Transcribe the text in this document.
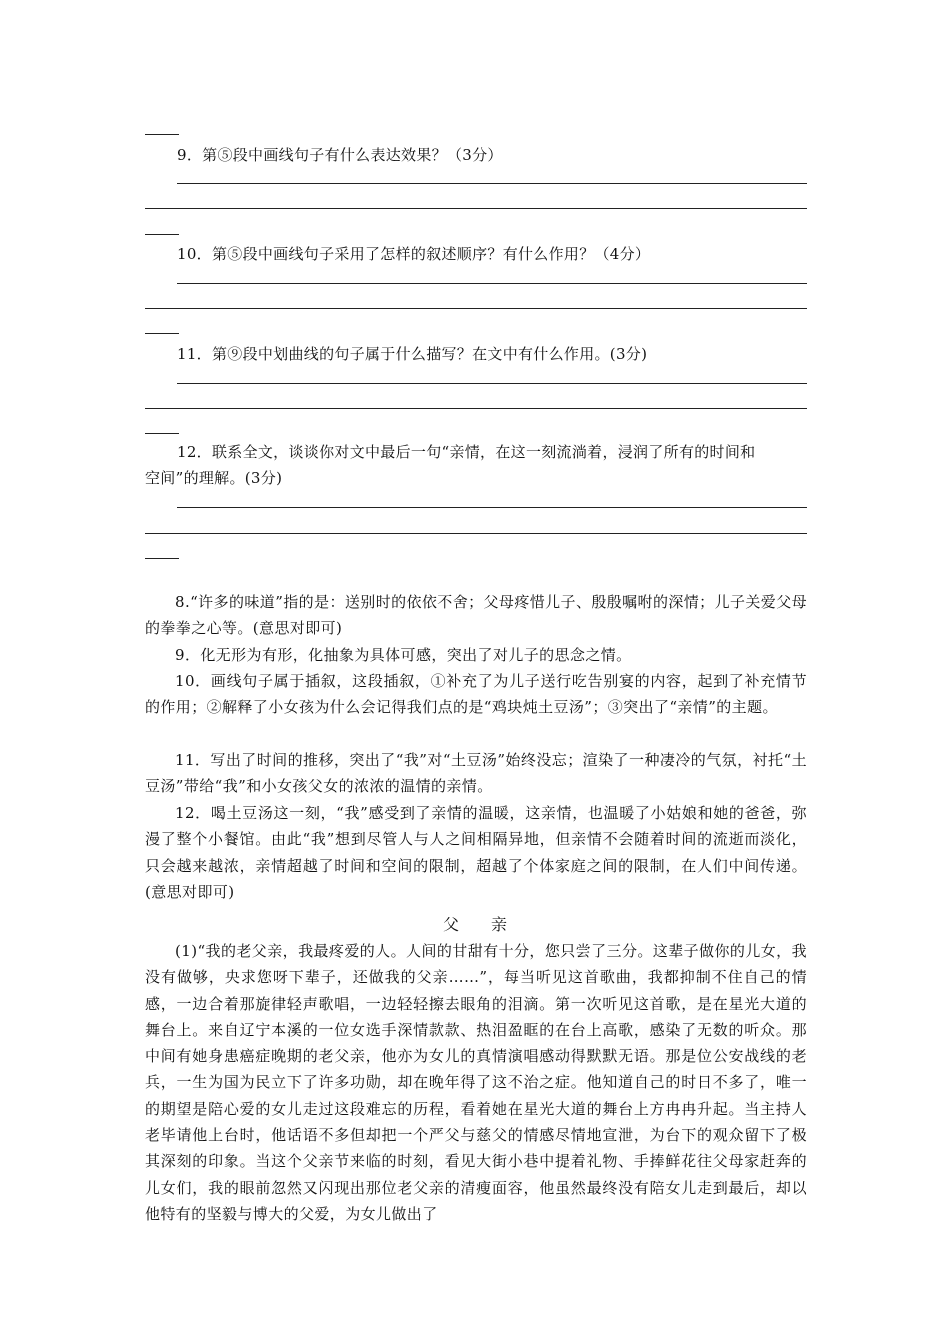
9．第⑤段中画线句子有什么表达效果？（3分）
10．第⑤段中画线句子采用了怎样的叙述顺序？有什么作用？（4分）
11．第⑨段中划曲线的句子属于什么描写？在文中有什么作用。(3分)
12．联系全文，谈谈你对文中最后一句“亲情，在这一刻流淌着，浸润了所有的时间和
空间”的理解。(3分)
8.“许多的味道”指的是：送别时的依依不舍；父母疼惜儿子、殷殷嘱咐的深情；儿子关爱父母的拳拳之心等。(意思对即可)
9．化无形为有形，化抽象为具体可感，突出了对儿子的思念之情。
10．画线句子属于插叙，这段插叙，①补充了为儿子送行吃告别宴的内容，起到了补充情节的作用；②解释了小女孩为什么会记得我们点的是“鸡块炖土豆汤”；③突出了“亲情”的主题。
11．写出了时间的推移，突出了“我”对“土豆汤”始终没忘；渲染了一种凄冷的气氛，衬托“土豆汤”带给“我”和小女孩父女的浓浓的温情的亲情。
12．喝土豆汤这一刻，“我”感受到了亲情的温暖，这亲情，也温暖了小姑娘和她的爸爸，弥漫了整个小餐馆。由此“我”想到尽管人与人之间相隔异地，但亲情不会随着时间的流逝而淡化，只会越来越浓，亲情超越了时间和空间的限制，超越了个体家庭之间的限制，在人们中间传递。(意思对即可)
父　　亲
(1)“我的老父亲，我最疼爱的人。人间的甘甜有十分，您只尝了三分。这辈子做你的儿女，我没有做够，央求您呀下辈子，还做我的父亲……”，每当听见这首歌曲，我都抑制不住自己的情感，一边合着那旋律轻声歌唱，一边轻轻擦去眼角的泪滴。第一次听见这首歌，是在星光大道的舞台上。来自辽宁本溪的一位女选手深情款款、热泪盈眶的在台上高歌，感染了无数的听众。那中间有她身患癌症晚期的老父亲，他亦为女儿的真情演唱感动得默默无语。那是位公安战线的老兵，一生为国为民立下了许多功勋，却在晚年得了这不治之症。他知道自己的时日不多了，唯一的期望是陪心爱的女儿走过这段难忘的历程，看着她在星光大道的舞台上方冉冉升起。当主持人老毕请他上台时，他话语不多但却把一个严父与慈父的情感尽情地宣泄，为台下的观众留下了极其深刻的印象。当这个父亲节来临的时刻，看见大街小巷中提着礼物、手捧鲜花往父母家赶奔的儿女们，我的眼前忽然又闪现出那位老父亲的清瘦面容，他虽然最终没有陪女儿走到最后，却以他特有的坚毅与博大的父爱，为女儿做出了
